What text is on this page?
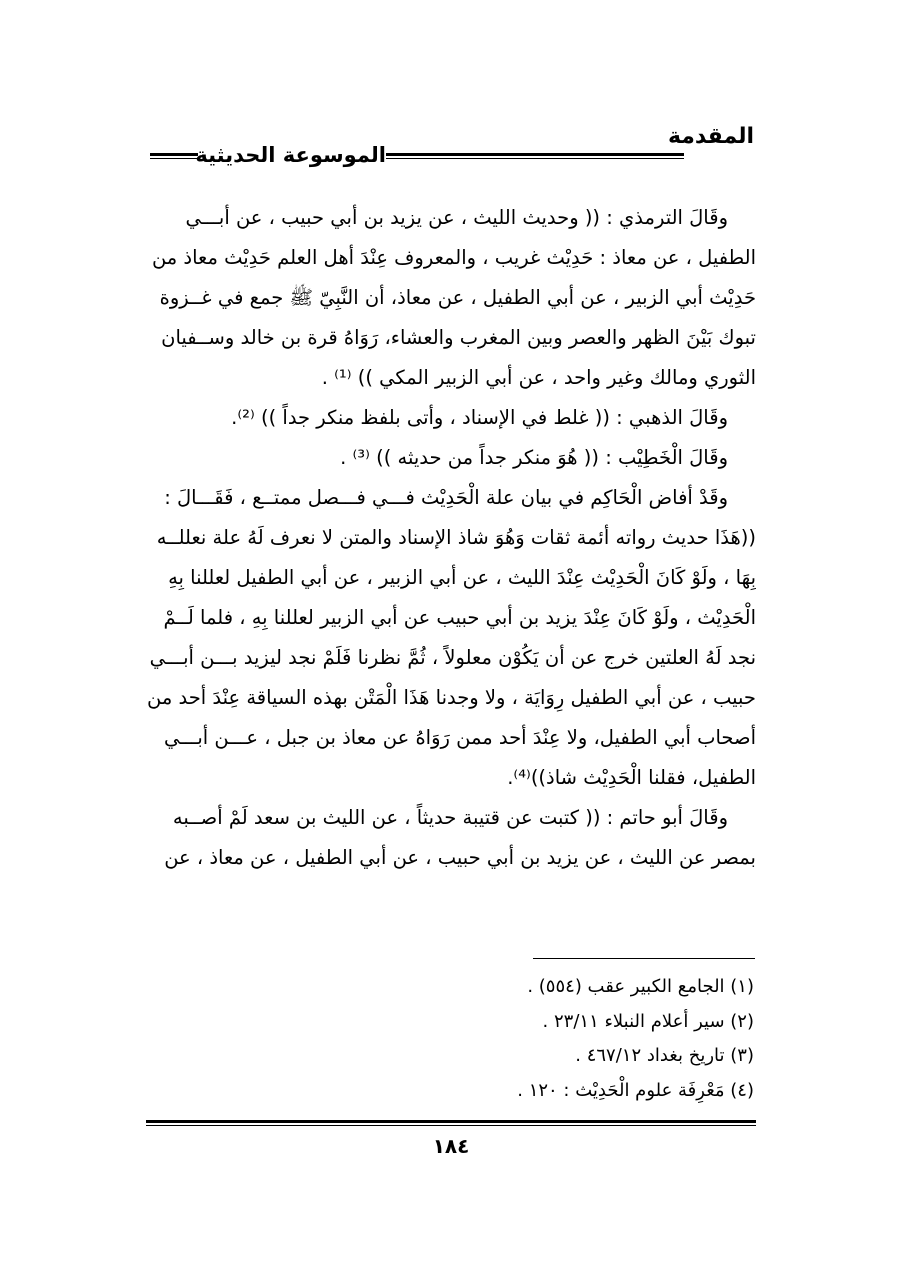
المقدمة
الموسوعة الحديثية
وقَالَ الترمذي : (( وحديث الليث ، عن يزيد بن أبي حبيب ، عن أبـــي
الطفيل ، عن معاذ : حَدِيْث غريب ، والمعروف عِنْدَ أهل العلم حَدِيْث معاذ من
حَدِيْث أبي الزبير ، عن أبي الطفيل ، عن معاذ، أن النَّبِيّ ﷺ جمع في غــزوة
تبوك بَيْنَ الظهر والعصر وبين المغرب والعشاء، رَوَاهُ قرة بن خالد وســفيان
الثوري ومالك وغير واحد ، عن أبي الزبير المكي )) ⁽¹⁾ .
وقَالَ الذهبي : (( غلط في الإسناد ، وأتى بلفظ منكر جداً )) ⁽²⁾.
وقَالَ الْخَطِيْب : (( هُوَ منكر جداً من حديثه )) ⁽³⁾ .
وقَدْ أفاض الْحَاكِم في بيان علة الْحَدِيْث فـــي فـــصل ممتــع ، فَقَـــالَ :
((هَذَا حديث رواته أئمة ثقات وَهُوَ شاذ الإسناد والمتن لا نعرف لَهُ علة نعللــه
بِهَا ، ولَوْ كَانَ الْحَدِيْث عِنْدَ الليث ، عن أبي الزبير ، عن أبي الطفيل لعللنا بِهِ
الْحَدِيْث ، ولَوْ كَانَ عِنْدَ يزيد بن أبي حبيب عن أبي الزبير لعللنا بِهِ ، فلما لَــمْ
نجد لَهُ العلتين خرج عن أن يَكُوْن معلولاً ، ثُمَّ نظرنا فَلَمْ نجد ليزيد بـــن أبـــي
حبيب ، عن أبي الطفيل رِوَايَة ، ولا وجدنا هَذَا الْمَتْن بهذه السياقة عِنْدَ أحد من
أصحاب أبي الطفيل، ولا عِنْدَ أحد ممن رَوَاهُ عن معاذ بن جبل ، عـــن أبـــي
الطفيل، فقلنا الْحَدِيْث شاذ))⁽⁴⁾.
وقَالَ أبو حاتم : (( كتبت عن قتيبة حديثاً ، عن الليث بن سعد لَمْ أصــبه
بمصر عن الليث ، عن يزيد بن أبي حبيب ، عن أبي الطفيل ، عن معاذ ، عن
(١) الجامع الكبير عقب (٥٥٤) .
(٢) سير أعلام النبلاء ٢٣/١١ .
(٣) تاريخ بغداد ٤٦٧/١٢ .
(٤) مَعْرِفَة علوم الْحَدِيْث : ١٢٠ .
١٨٤
